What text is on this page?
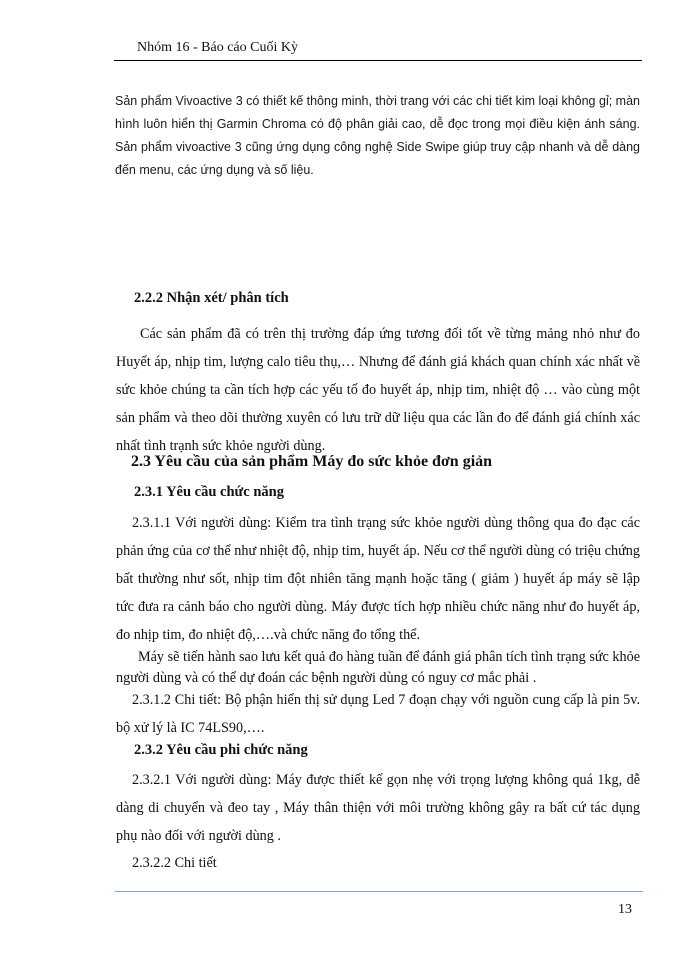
Nhóm 16 - Báo cáo Cuối Kỳ

Sản phẩm Vivoactive 3 có thiết kế thông minh, thời trang với các chi tiết kim loại không gỉ; màn hình luôn hiển thị Garmin Chroma có độ phân giải cao, dễ đọc trong mọi điều kiện ánh sáng. Sản phẩm vivoactive 3 cũng ứng dụng công nghệ Side Swipe giúp truy cập nhanh và dễ dàng đến menu, các ứng dụng và số liệu.

2.2.2 Nhận xét/ phân tích

Các sản phẩm đã có trên thị trường đáp ứng tương đối tốt về từng mảng nhỏ như đo Huyết áp, nhịp tim, lượng calo tiêu thụ,… Nhưng để đánh giá khách quan chính xác nhất về sức khỏe chúng ta cần tích hợp các yếu tố đo huyết áp, nhịp tim, nhiệt độ … vào cùng một sản phẩm và theo dõi thường xuyên có lưu trữ dữ liệu qua các lần đo để đánh giá chính xác nhất tình trạnh sức khỏe người dùng.

2.3 Yêu cầu của sản phẩm Máy đo sức khỏe đơn giản
2.3.1 Yêu cầu chức năng

2.3.1.1 Với người dùng: Kiểm tra tình trạng sức khỏe người dùng thông qua đo đạc các phản ứng của cơ thể như nhiệt độ, nhịp tim, huyết áp. Nếu cơ thể người dùng có triệu chứng bất thường như sốt, nhịp tim đột nhiên tăng mạnh hoặc tăng ( giảm ) huyết áp máy sẽ lập tức đưa ra cảnh báo cho người dùng. Máy được tích hợp nhiều chức năng như đo huyết áp, đo nhịp tim, đo nhiệt độ,….và chức năng đo tổng thể.

Máy sẽ tiến hành sao lưu kết quả đo hàng tuần để đánh giá phân tích tình trạng sức khỏe người dùng và có thể dự đoán các bệnh người dùng có nguy cơ mắc phải .

2.3.1.2 Chi tiết: Bộ phận hiển thị sử dụng Led 7 đoạn chạy với nguồn cung cấp là pin 5v. bộ xử lý là IC 74LS90,….

2.3.2 Yêu cầu phi chức năng

2.3.2.1 Với người dùng: Máy được thiết kế gọn nhẹ với trọng lượng không quá 1kg, dễ dàng di chuyển và đeo tay , Máy thân thiện với môi trường không gây ra bất cứ tác dụng phụ nào đối với người dùng .

2.3.2.2 Chi tiết

13
